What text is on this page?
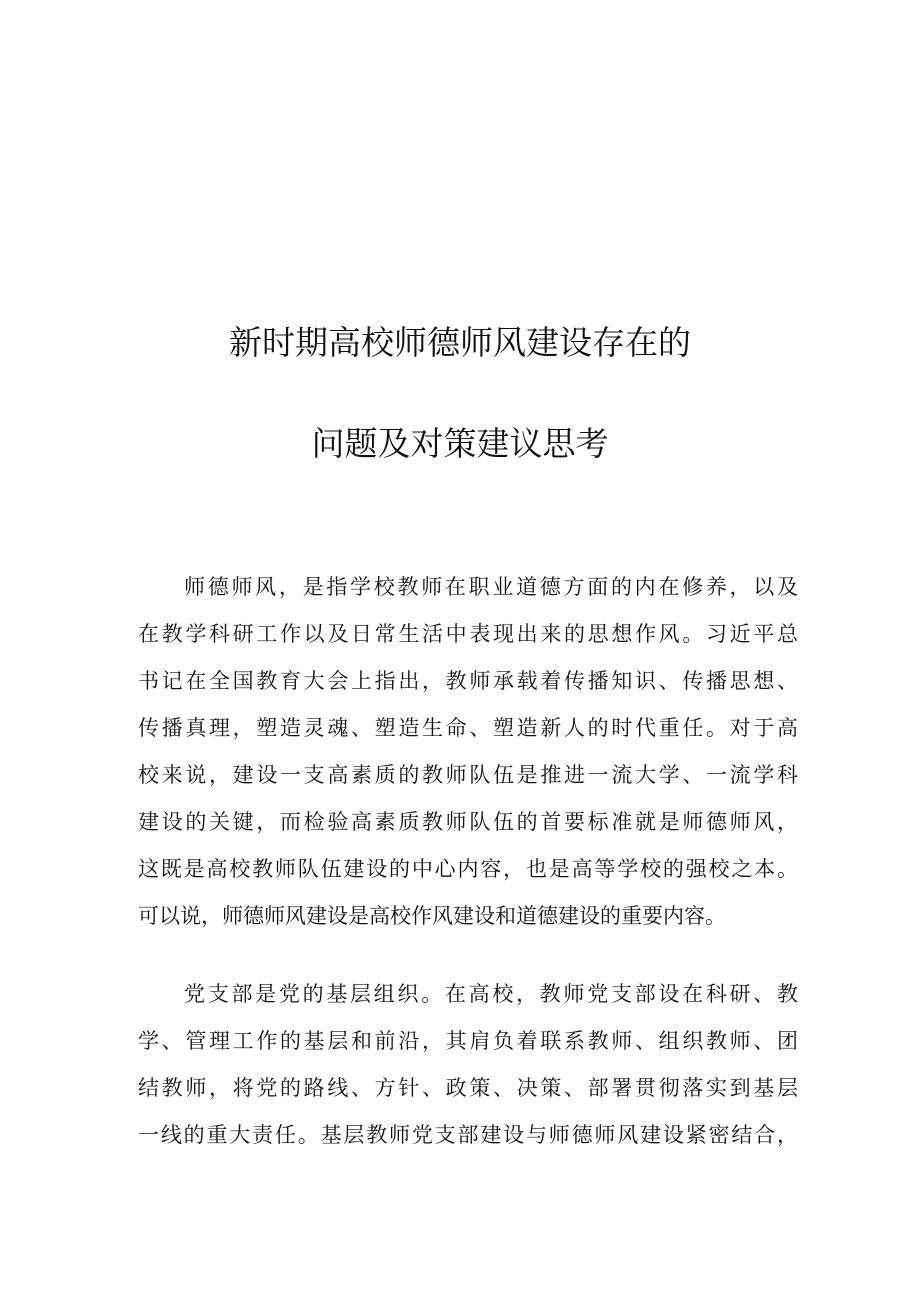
新时期高校师德师风建设存在的
问题及对策建议思考
师德师风，是指学校教师在职业道德方面的内在修养，以及
在教学科研工作以及日常生活中表现出来的思想作风。习近平总
书记在全国教育大会上指出，教师承载着传播知识、传播思想、
传播真理，塑造灵魂、塑造生命、塑造新人的时代重任。对于高
校来说，建设一支高素质的教师队伍是推进一流大学、一流学科
建设的关键，而检验高素质教师队伍的首要标准就是师德师风，
这既是高校教师队伍建设的中心内容，也是高等学校的强校之本。
可以说，师德师风建设是高校作风建设和道德建设的重要内容。
党支部是党的基层组织。在高校，教师党支部设在科研、教
学、管理工作的基层和前沿，其肩负着联系教师、组织教师、团
结教师，将党的路线、方针、政策、决策、部署贯彻落实到基层
一线的重大责任。基层教师党支部建设与师德师风建设紧密结合，
